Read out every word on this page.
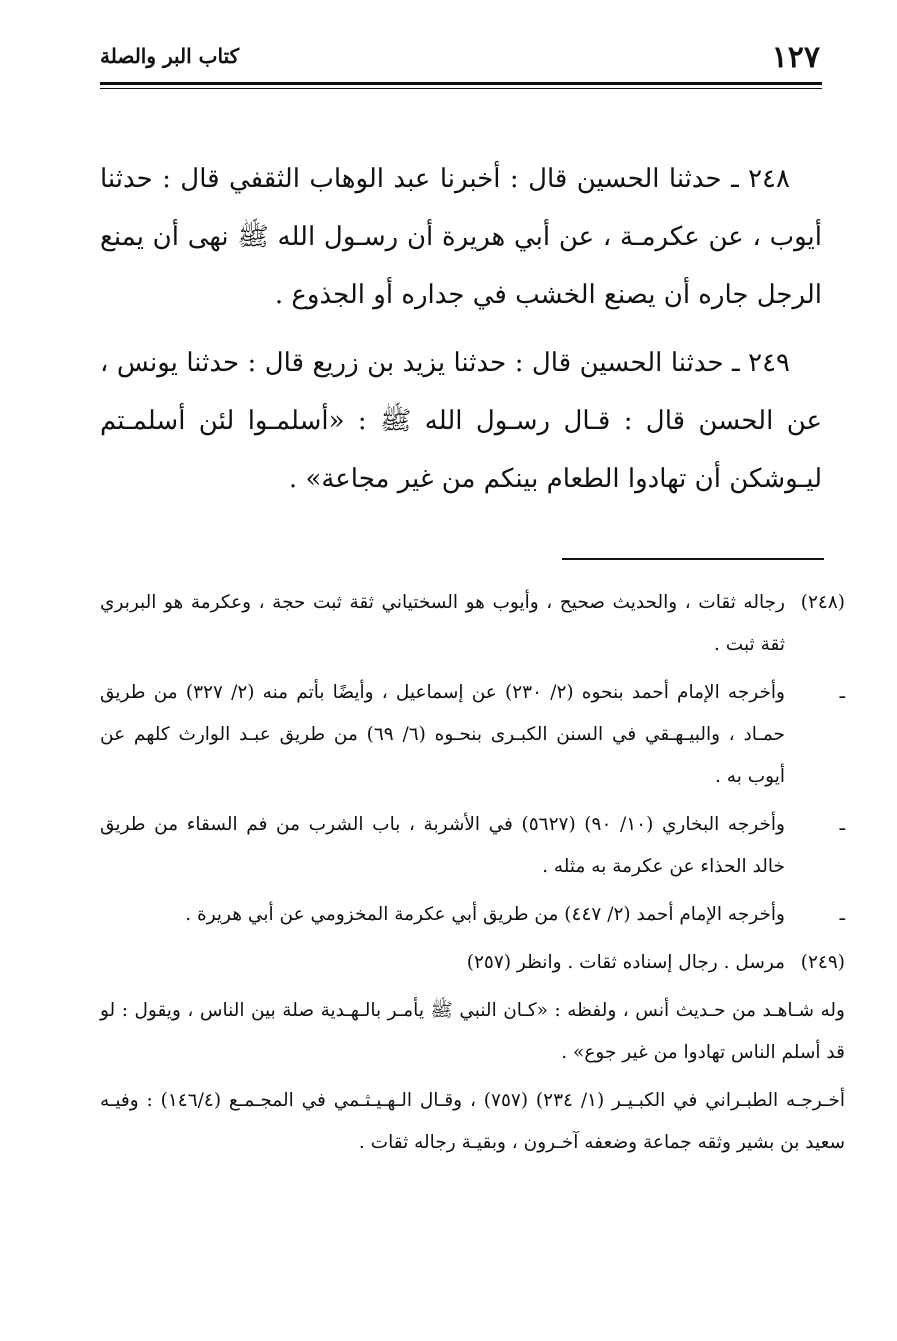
١٢٧
كتاب البر والصلة

٢٤٨ ـ حدثنا الحسين قال : أخبرنا عبد الوهاب الثقفي قال : حدثنا أيوب ، عن عكرمـة ، عن أبي هريرة أن رسـول الله ﷺ نهى أن يمنع الرجل جاره أن يصنع الخشب في جداره أو الجذوع .

٢٤٩ ـ حدثنا الحسين قال : حدثنا يزيد بن زريع قال : حدثنا يونس ، عن الحسن قال : قـال رسـول الله ﷺ : «أسلمـوا لئن أسلمـتم ليـوشكن أن تهادوا الطعام بينكم من غير مجاعة» .

(٢٤٨)
رجاله ثقات ، والحديث صحيح ، وأيوب هو السختياني ثقة ثبت حجة ، وعكرمة هو البربري ثقة ثبت .
ـ
وأخرجه الإمام أحمد بنحوه (٢/ ٢٣٠) عن إسماعيل ، وأيضًا بأتم منه (٢/ ٣٢٧) من طريق حمـاد ، والبيـهـقي في السنن الكبـرى بنحـوه (٦/ ٦٩) من طريق عبـد الوارث كلهم عن أيوب به .
ـ
وأخرجه البخاري (١٠/ ٩٠) (٥٦٢٧) في الأشربة ، باب الشرب من فم السقاء من طريق خالد الحذاء عن عكرمة به مثله .
ـ
وأخرجه الإمام أحمد (٢/ ٤٤٧) من طريق أبي عكرمة المخزومي عن أبي هريرة .
(٢٤٩)
مرسل . رجال إسناده ثقات . وانظر (٢٥٧)
وله شـاهـد من حـديث أنس ، ولفظه : «كـان النبي ﷺ يأمـر بالـهـدية صلة بين الناس ، ويقول : لو قد أسلم الناس تهادوا من غير جوع» .
أخـرجـه الطبـراني في الكبـيـر (١/ ٢٣٤) (٧٥٧) ، وقـال الـهـيـثـمي في المجـمـع (١٤٦/٤) : وفيـه سعيد بن بشير وثقه جماعة وضعفه آخـرون ، وبقيـة رجاله ثقات .
